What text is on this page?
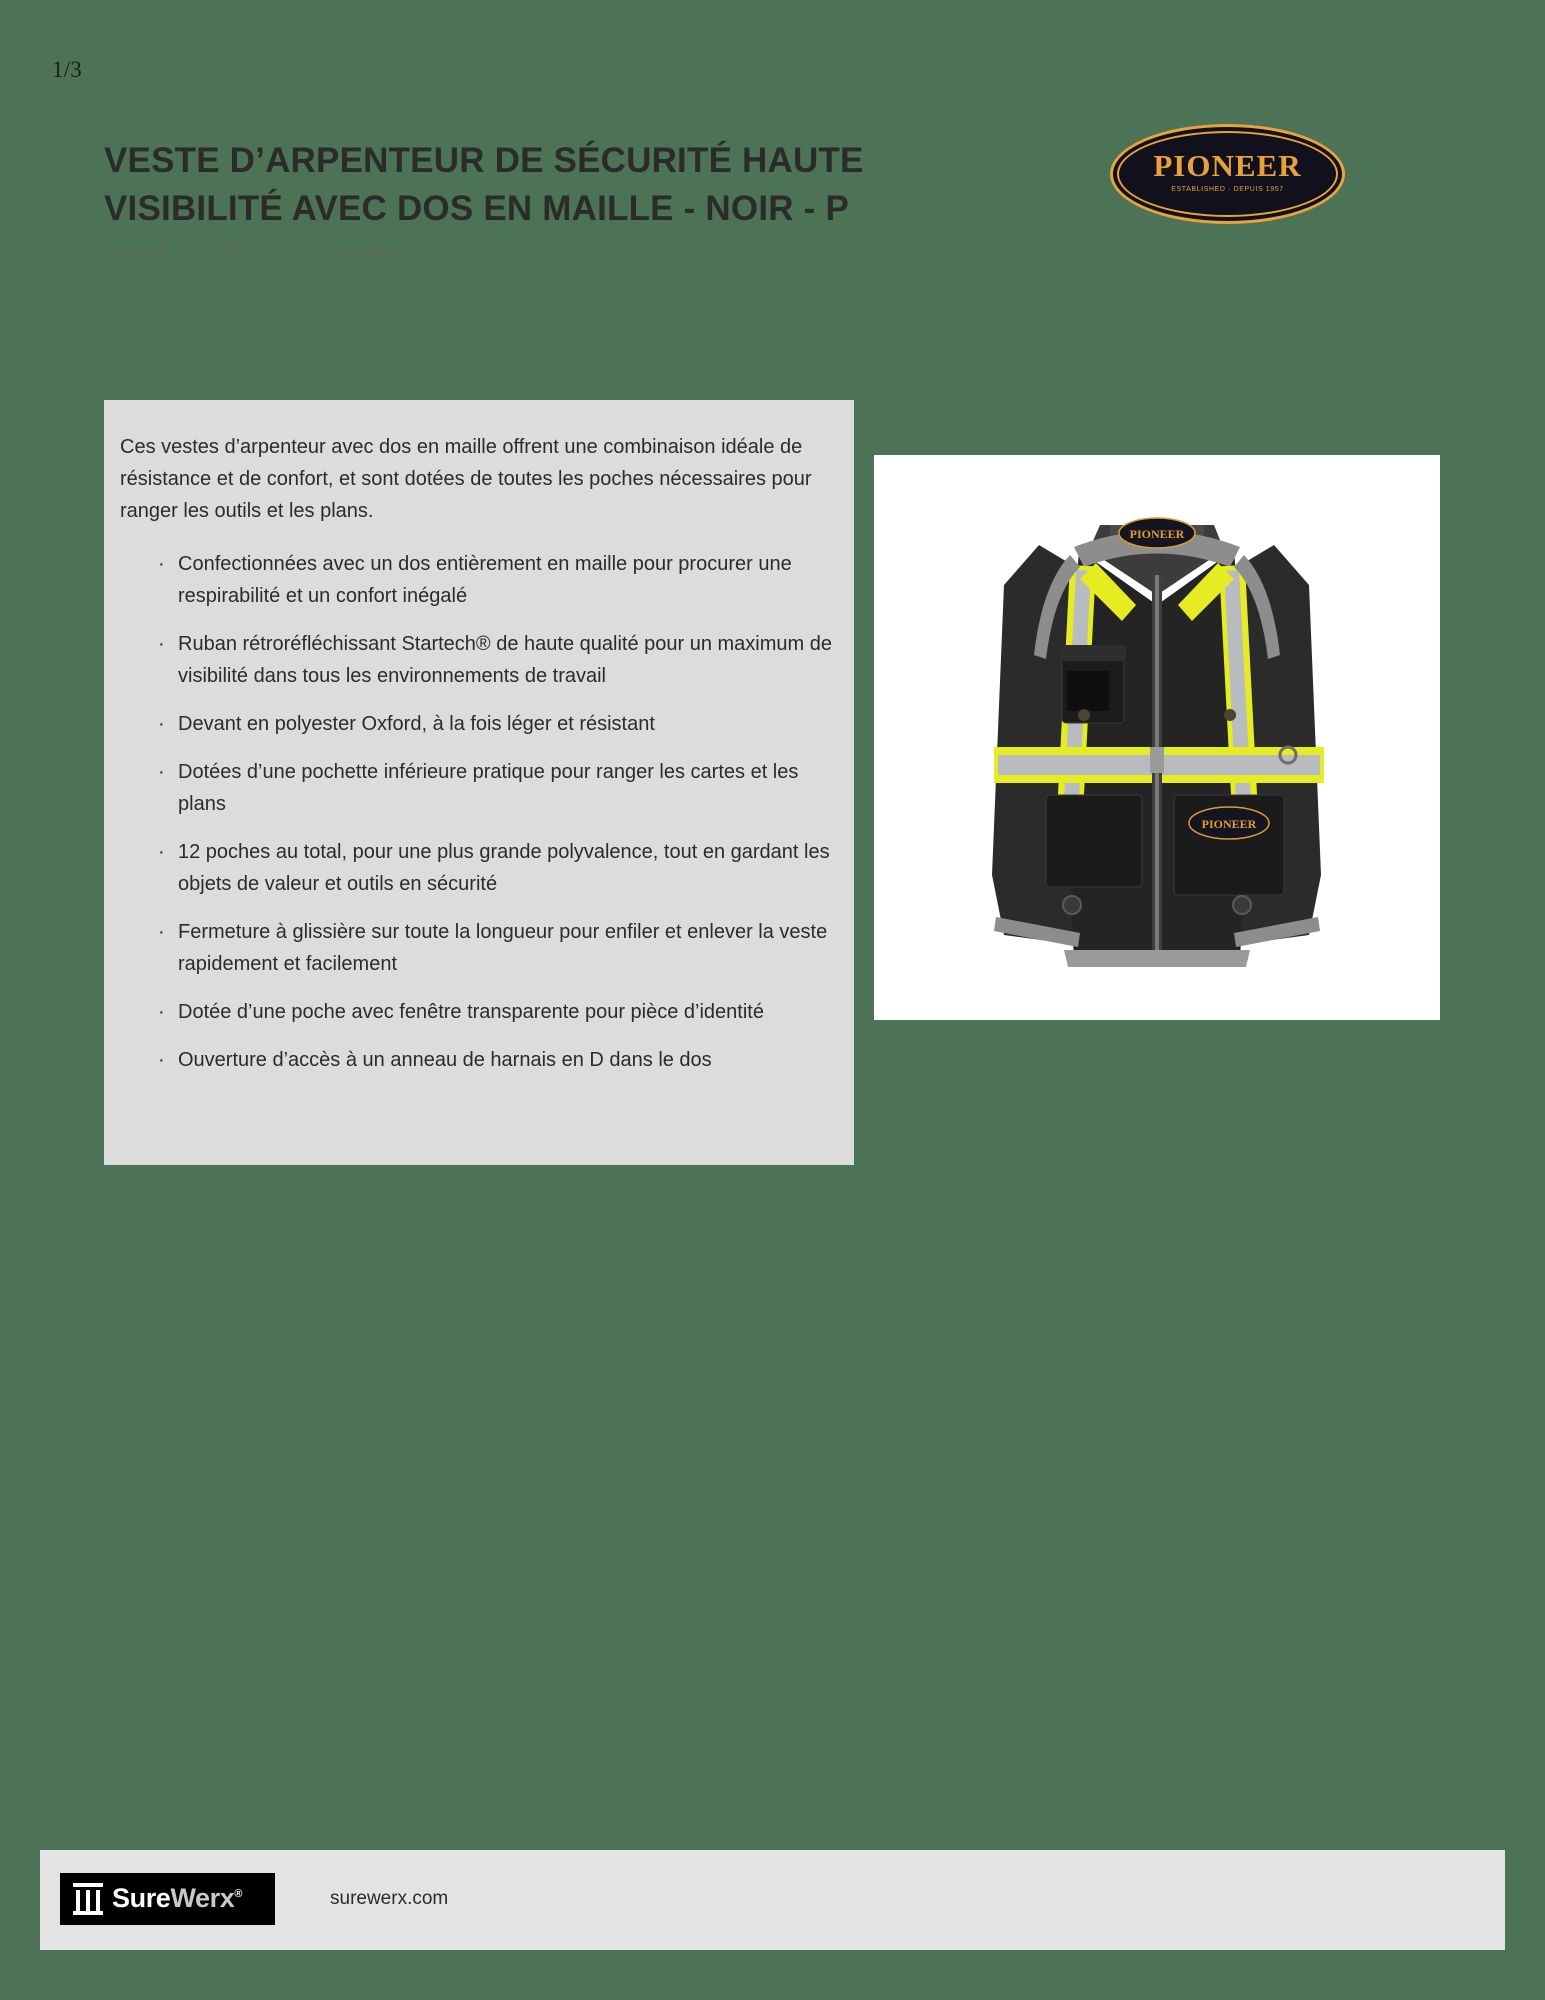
1/3
VESTE D’ARPENTEUR DE SÉCURITÉ HAUTE VISIBILITÉ AVEC DOS EN MAILLE - NOIR - P
produit # V1010270-S | modèle # 6671
PIONEER
ESTABLISHED · DEPUIS 1957
Ces vestes d’arpenteur avec dos en maille offrent une combinaison idéale de résistance et de confort, et sont dotées de toutes les poches nécessaires pour ranger les outils et les plans.
· Confectionnées avec un dos entièrement en maille pour procurer une respirabilité et un confort inégalé
· Ruban rétroréfléchissant Startech® de haute qualité pour un maximum de visibilité dans tous les environnements de travail
· Devant en polyester Oxford, à la fois léger et résistant
· Dotées d’une pochette inférieure pratique pour ranger les cartes et les plans
· 12 poches au total, pour une plus grande polyvalence, tout en gardant les objets de valeur et outils en sécurité
· Fermeture à glissière sur toute la longueur pour enfiler et enlever la veste rapidement et facilement
· Dotée d’une poche avec fenêtre transparente pour pièce d’identité
· Ouverture d’accès à un anneau de harnais en D dans le dos
PIONEER
PIONEER
SureWerx®	surewerx.com
